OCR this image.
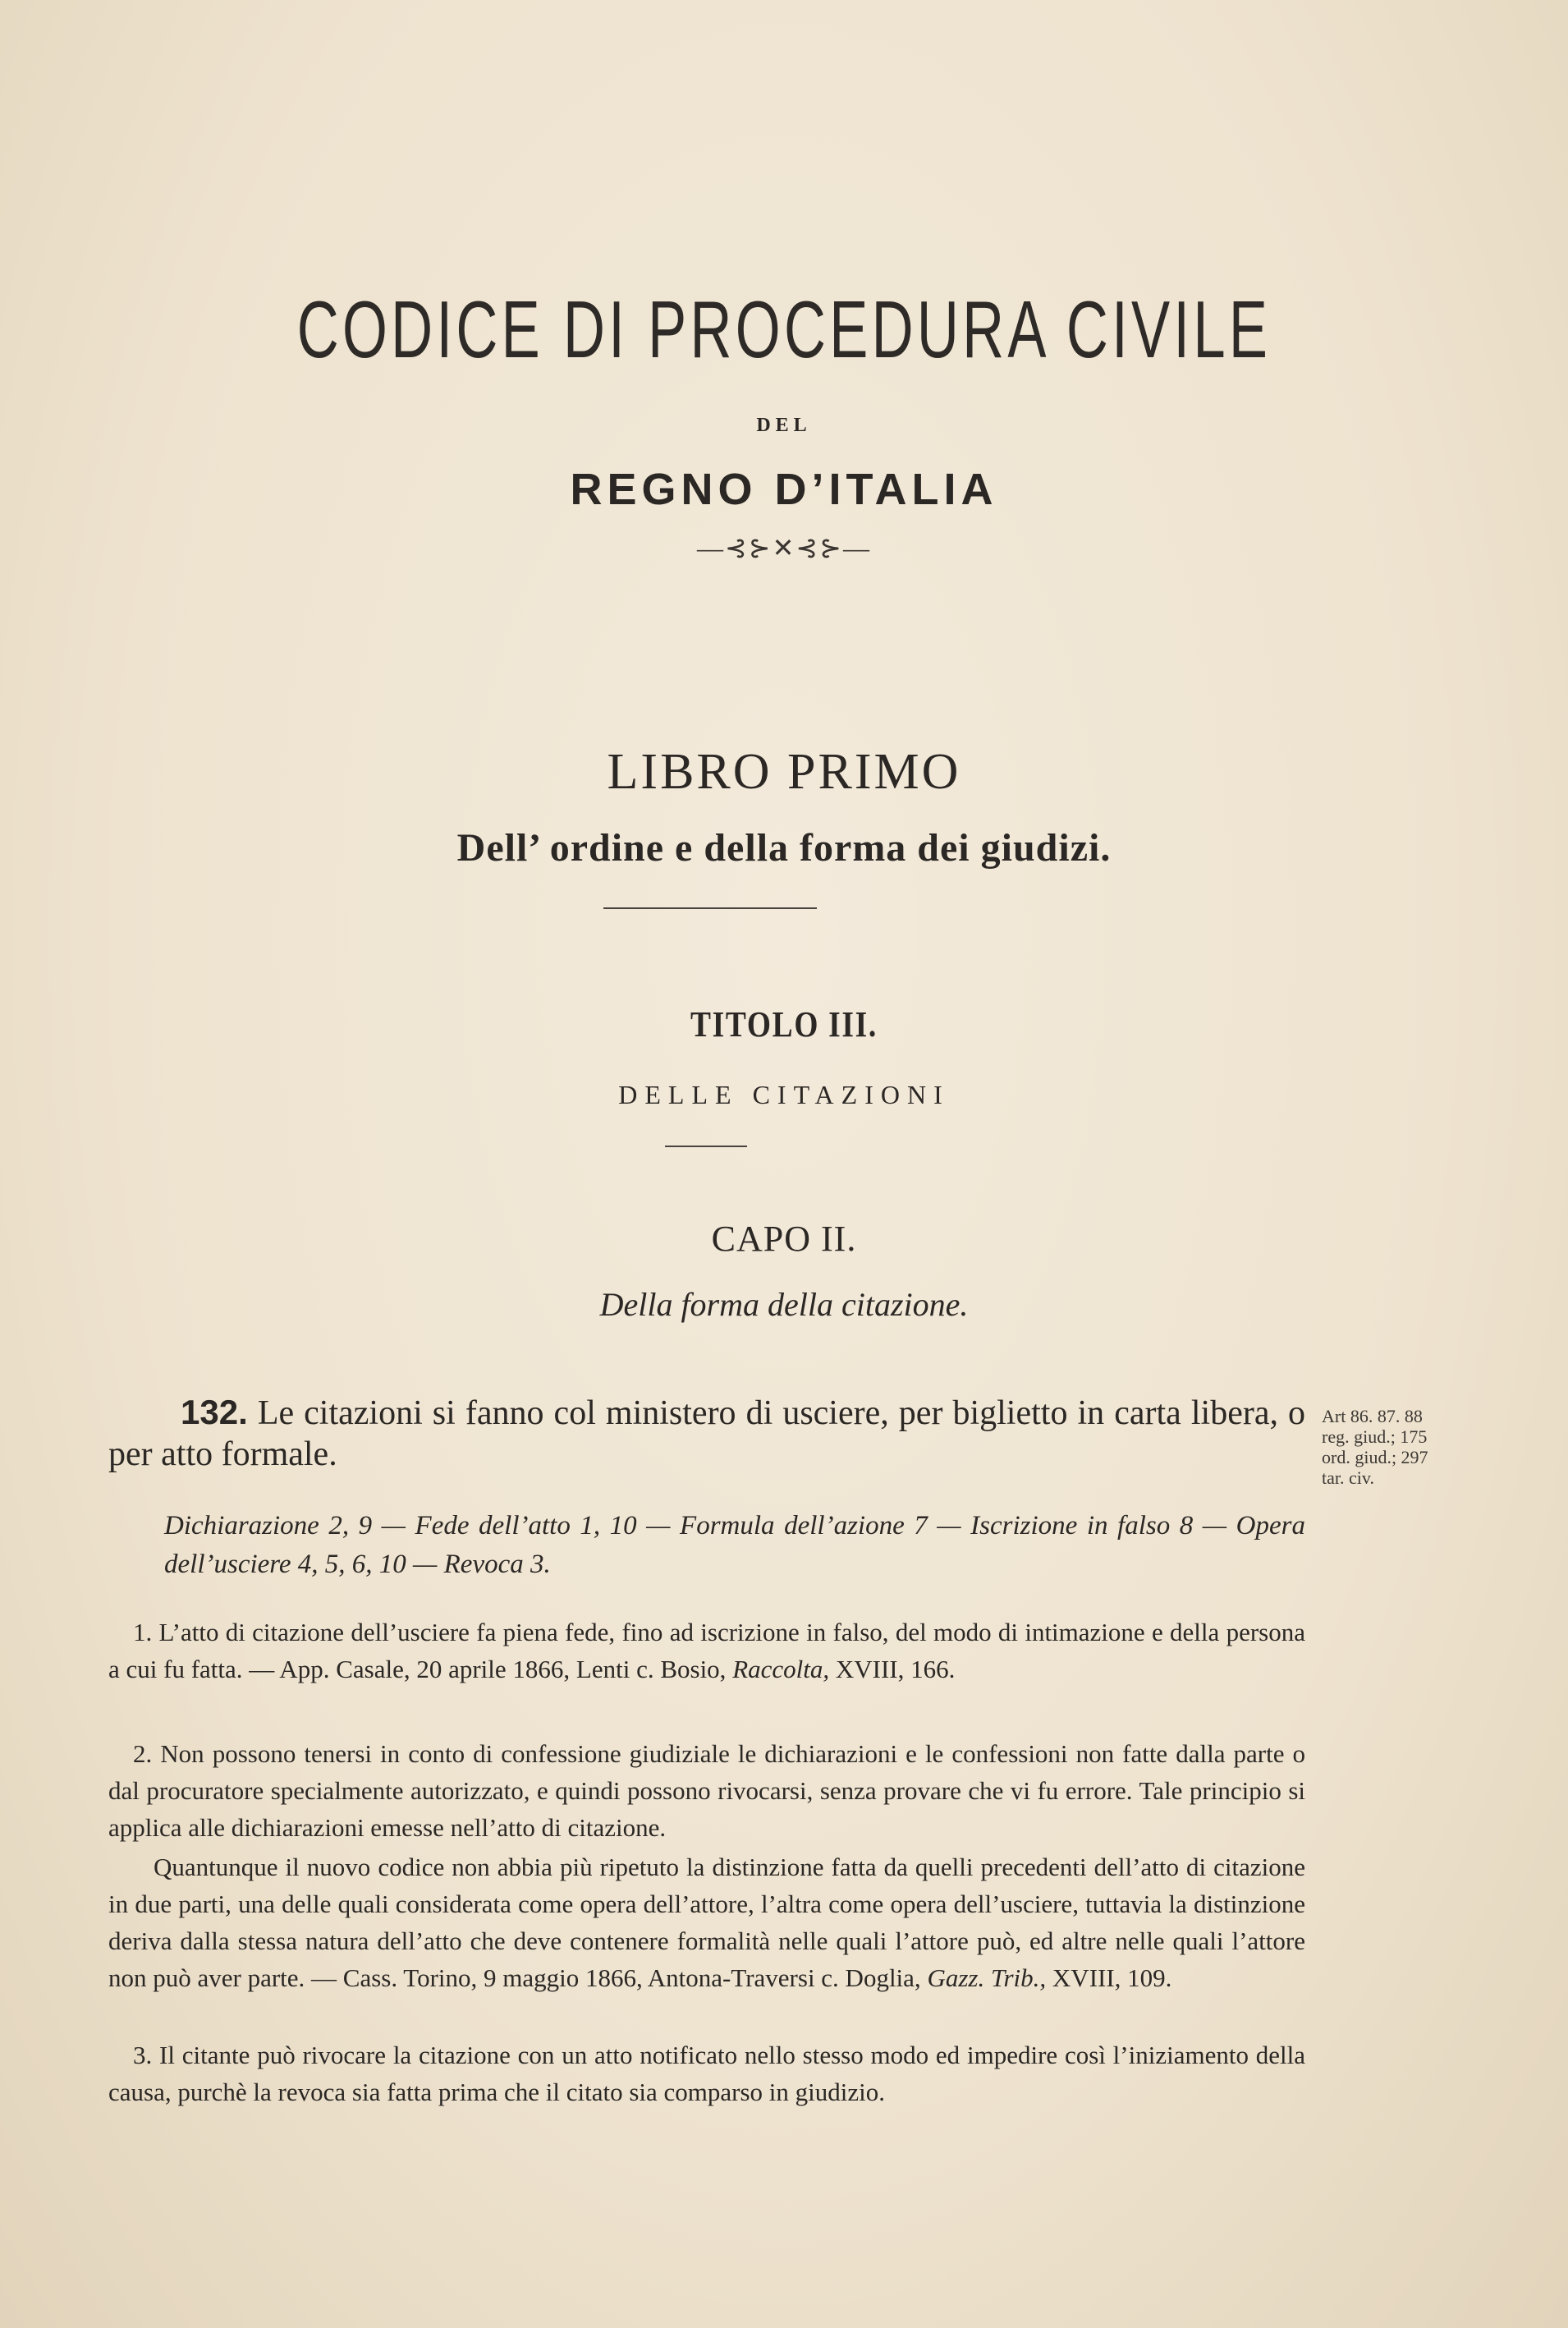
CODICE DI PROCEDURA CIVILE
DEL
REGNO D’ITALIA
—⊰⊱✕⊰⊱—
LIBRO PRIMO
Dell’ ordine e della forma dei giudizi.
TITOLO III.
DELLE CITAZIONI
CAPO II.
Della forma della citazione.
132. Le citazioni si fanno col ministero di usciere, per biglietto in carta libera, o per atto formale.
Art 86. 87. 88
reg. giud.; 175
ord. giud.; 297
tar. civ.
Dichiarazione 2, 9 — Fede dell’atto 1, 10 — Formula dell’azione 7 — Iscrizione in falso 8 — Opera dell’usciere 4, 5, 6, 10 — Revoca 3.
1. L’atto di citazione dell’usciere fa piena fede, fino ad iscrizione in falso, del modo di intimazione e della persona a cui fu fatta. — App. Casale, 20 aprile 1866, Lenti c. Bosio, Raccolta, XVIII, 166.
2. Non possono tenersi in conto di confessione giudiziale le dichiarazioni e le confessioni non fatte dalla parte o dal procuratore specialmente autorizzato, e quindi possono rivocarsi, senza provare che vi fu errore. Tale principio si applica alle dichiarazioni emesse nell’atto di citazione.
Quantunque il nuovo codice non abbia più ripetuto la distinzione fatta da quelli precedenti dell’atto di citazione in due parti, una delle quali considerata come opera dell’attore, l’altra come opera dell’usciere, tuttavia la distinzione deriva dalla stessa natura dell’atto che deve contenere formalità nelle quali l’attore può, ed altre nelle quali l’attore non può aver parte. — Cass. Torino, 9 maggio 1866, Antona-Traversi c. Doglia, Gazz. Trib., XVIII, 109.
3. Il citante può rivocare la citazione con un atto notificato nello stesso modo ed impedire così l’iniziamento della causa, purchè la revoca sia fatta prima che il citato sia comparso in giudizio.
